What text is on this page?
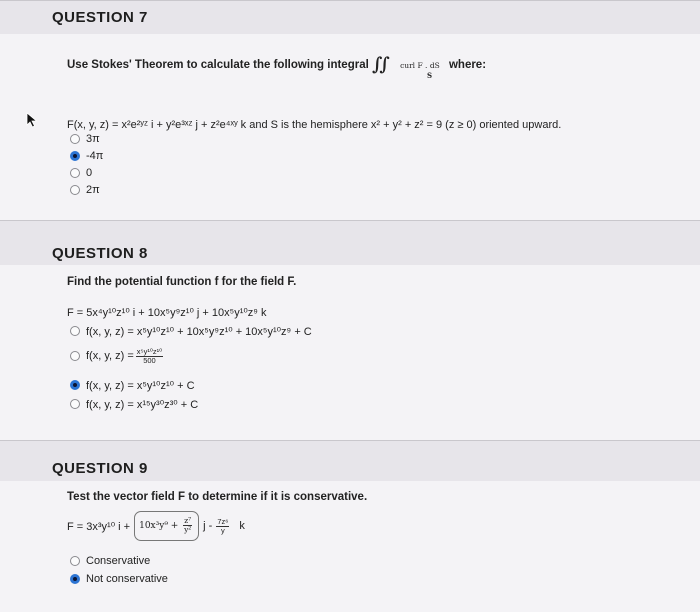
QUESTION 7
Use Stokes' Theorem to calculate the following integral ∫∫ curl F . dS where:
S
F(x, y, z) = x²e²ʸᶻ i + y²e³ˣᶻ j + z²e⁴ˣʸ k and S is the hemisphere x² + y² + z² = 9 (z ≥ 0) oriented upward.
3π
-4π
0
2π
QUESTION 8
Find the potential function f for the field F.
F = 5x⁴y¹⁰z¹⁰ i + 10x⁵y⁹z¹⁰ j + 10x⁵y¹⁰z⁹ k
f(x, y, z) = x⁵y¹⁰z¹⁰ + 10x⁵y⁹z¹⁰ + 10x⁵y¹⁰z⁹ + C
f(x, y, $z) = \frac{\text{x⁵y¹⁰z¹⁰}}{500}$
f(x, y, z) = x⁵y¹⁰z¹⁰ + C
f(x, y, z) = x¹⁵y³⁰z³⁰ + C
QUESTION 9
Test the vector field F to determine if it is conservative.
F = 3x³y¹⁰ i +	$10x^3y^9 + \frac{\text{z⁷}}{\text{y²}}$ j - $\frac{\text{7z⁶}}{y}$ k
Conservative
Not conservative
